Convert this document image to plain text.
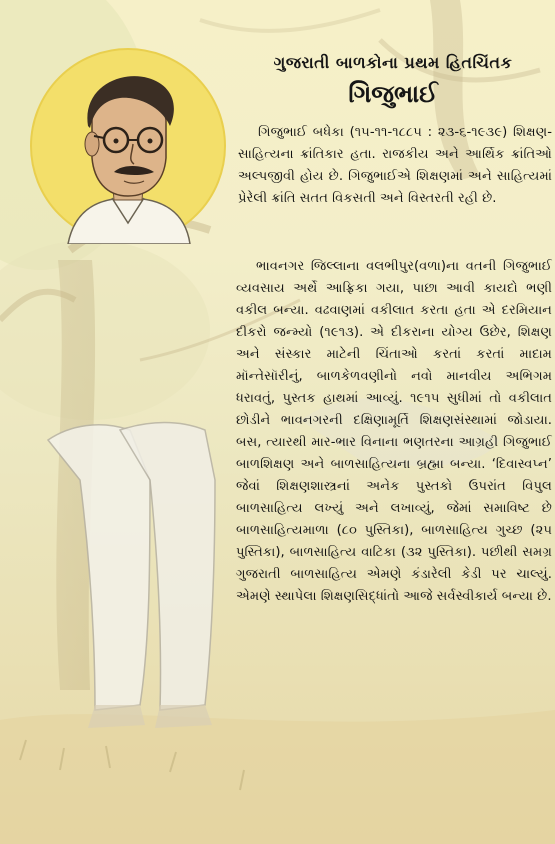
ગુજરાતી બાળકોના પ્રથમ હિતચિંતક

ગિજુભાઈ

ગિજુભાઈ બધેકા (૧૫-૧૧-૧૮૮૫ : ૨૩-૬-૧૯૩૯) શિક્ષણ-સાહિત્યના ક્રાંતિકાર હતા. રાજકીય અને આર્થિક ક્રાંતિઓ અલ્પજીવી હોય છે. ગિજુભાઈએ શિક્ષણમાં અને સાહિત્યમાં પ્રેરેલી ક્રાંતિ સતત વિકસતી અને વિસ્તરતી રહી છે.

ભાવનગર જિલ્લાના વલભીપુર(વળા)ના વતની ગિજુભાઈ વ્યવસાય અર્થે આફ્રિકા ગયા, પાછા આવી કાયદો ભણી વકીલ બન્યા. વઢવાણમાં વકીલાત કરતા હતા એ દરમિયાન દીકરો જન્મ્યો (૧૯૧૩). એ દીકરાના યોગ્ય ઉછેર, શિક્ષણ અને સંસ્કાર માટેની ચિંતાઓ કરતાં કરતાં માદામ મૉન્તેસૉરીનું, બાળકેળવણીનો નવો માનવીય અભિગમ ધરાવતું, પુસ્તક હાથમાં આવ્યું. ૧૯૧૫ સુધીમાં તો વકીલાત છોડીને ભાવનગરની દક્ષિણામૂર્તિ શિક્ષણસંસ્થામાં જોડાયા. બસ, ત્યારથી માર-ભાર વિનાના ભણતરના આગ્રહી ગિજુભાઈ બાળશિક્ષણ અને બાળસાહિત્યના બ્રહ્મા બન્યા. ‘દિવાસ્વપ્ન’ જેવાં શિક્ષણશાસ્ત્રનાં અનેક પુસ્તકો ઉપરાંત વિપુલ બાળસાહિત્ય લખ્યું અને લખાવ્યું, જેમાં સમાવિષ્ટ છે બાળસાહિત્યમાળા (૮૦ પુસ્તિકા), બાળસાહિત્ય ગુચ્છ (૨૫ પુસ્તિકા), બાળસાહિત્ય વાટિકા (૩૨ પુસ્તિકા). પછીથી સમગ્ર ગુજરાતી બાળસાહિત્ય એમણે કંડારેલી કેડી પર ચાલ્યું. એમણે સ્થાપેલા શિક્ષણસિદ્ધાંતો આજે સર્વસ્વીકાર્ય બન્યા છે.
